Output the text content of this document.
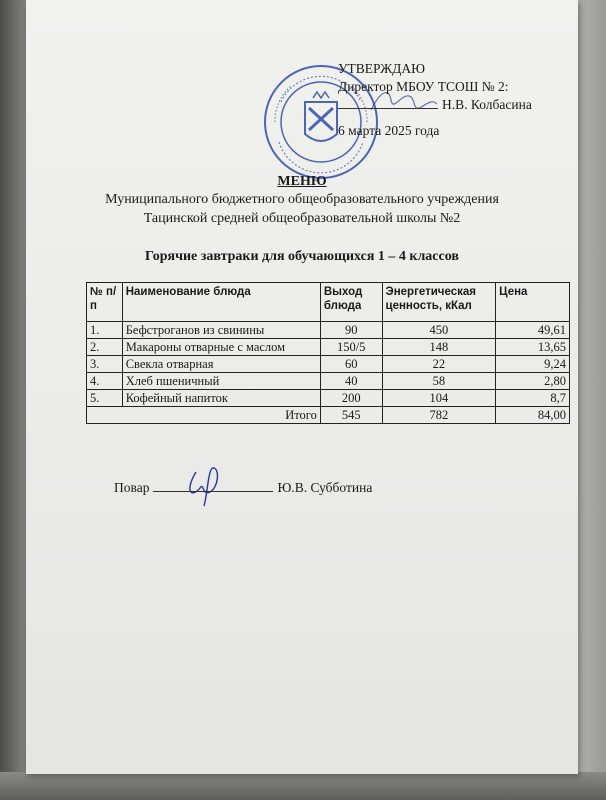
УТВЕРЖДАЮ
Директор МБОУ ТСОШ № 2:
Н.В. Колбасина
6 марта 2025 года
МЕНЮ
Муниципального бюджетного общеобразовательного учреждения
Тацинской средней общеобразовательной школы №2
Горячие завтраки для обучающихся 1 – 4 классов
№ п/п	Наименование блюда	Выход блюда	Энергетическая ценность, кКал	Цена
1.	Бефстроганов из свинины	90	450	49,61
2.	Макароны отварные с маслом	150/5	148	13,65
3.	Свекла отварная	60	22	9,24
4.	Хлеб пшеничный	40	58	2,80
5.	Кофейный напиток	200	104	8,7
Итого		545	782	84,00
Повар	Ю.В. Субботина
